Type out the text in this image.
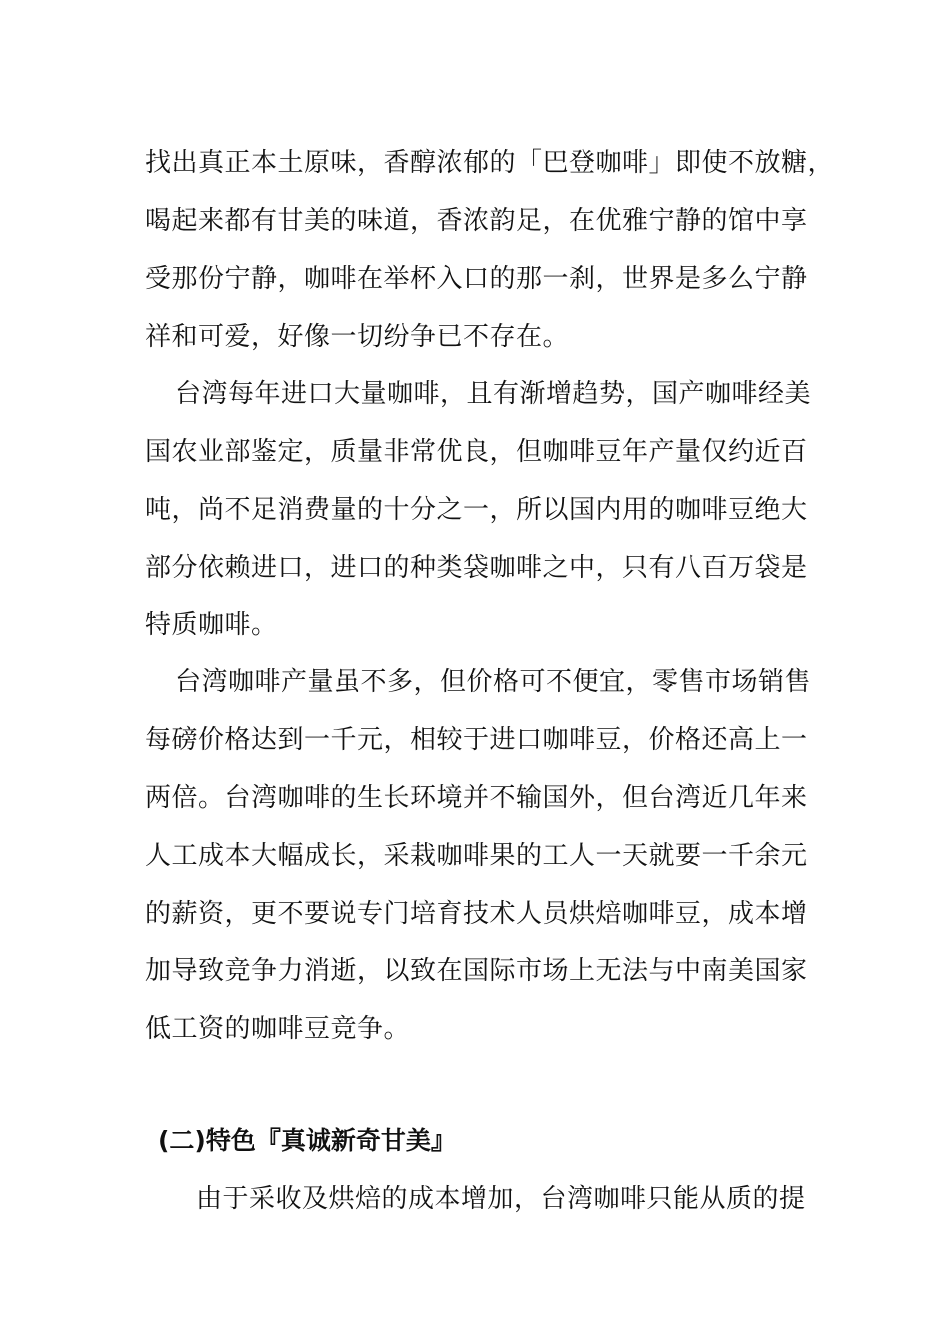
找出真正本土原味，香醇浓郁的「巴登咖啡」即使不放糖，
喝起来都有甘美的味道，香浓韵足，在优雅宁静的馆中享
受那份宁静，咖啡在举杯入口的那一刹，世界是多么宁静
祥和可爱，好像一切纷争已不存在。
台湾每年进口大量咖啡，且有渐增趋势，国产咖啡经美
国农业部鉴定，质量非常优良，但咖啡豆年产量仅约近百
吨，尚不足消费量的十分之一，所以国内用的咖啡豆绝大
部分依赖进口，进口的种类袋咖啡之中，只有八百万袋是
特质咖啡。
台湾咖啡产量虽不多，但价格可不便宜，零售市场销售
每磅价格达到一千元，相较于进口咖啡豆，价格还高上一
两倍。台湾咖啡的生长环境并不输国外，但台湾近几年来
人工成本大幅成长，采栽咖啡果的工人一天就要一千余元
的薪资，更不要说专门培育技术人员烘焙咖啡豆，成本增
加导致竞争力消逝，以致在国际市场上无法与中南美国家
低工资的咖啡豆竞争。
(二)特色『真诚新奇甘美』
由于采收及烘焙的成本增加，台湾咖啡只能从质的提
